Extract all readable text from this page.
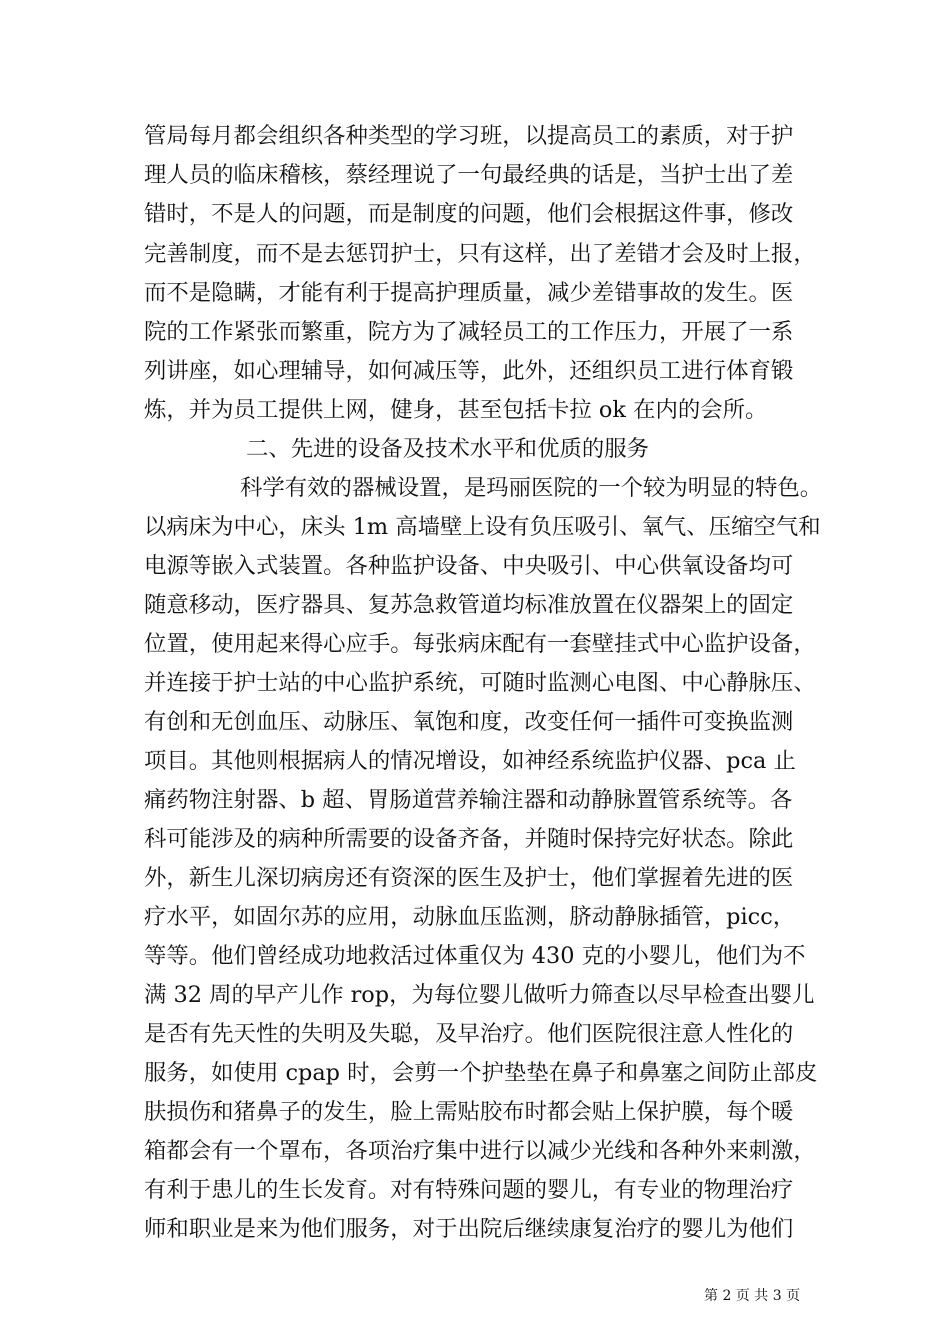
管局每月都会组织各种类型的学习班，以提高员工的素质，对于护
理人员的临床稽核，蔡经理说了一句最经典的话是，当护士出了差
错时，不是人的问题，而是制度的问题，他们会根据这件事，修改
完善制度，而不是去惩罚护士，只有这样，出了差错才会及时上报，
而不是隐瞒，才能有利于提高护理质量，减少差错事故的发生。医
院的工作紧张而繁重，院方为了减轻员工的工作压力，开展了一系
列讲座，如心理辅导，如何减压等，此外，还组织员工进行体育锻
炼，并为员工提供上网，健身，甚至包括卡拉 ok 在内的会所。
二、先进的设备及技术水平和优质的服务
科学有效的器械设置，是玛丽医院的一个较为明显的特色。
以病床为中心，床头 1m 高墙壁上设有负压吸引、氧气、压缩空气和
电源等嵌入式装置。各种监护设备、中央吸引、中心供氧设备均可
随意移动，医疗器具、复苏急救管道均标准放置在仪器架上的固定
位置，使用起来得心应手。每张病床配有一套壁挂式中心监护设备，
并连接于护士站的中心监护系统，可随时监测心电图、中心静脉压、
有创和无创血压、动脉压、氧饱和度，改变任何一插件可变换监测
项目。其他则根据病人的情况增设，如神经系统监护仪器、pca 止
痛药物注射器、b 超、胃肠道营养输注器和动静脉置管系统等。各
科可能涉及的病种所需要的设备齐备，并随时保持完好状态。除此
外，新生儿深切病房还有资深的医生及护士，他们掌握着先进的医
疗水平，如固尔苏的应用，动脉血压监测，脐动静脉插管，picc，
等等。他们曾经成功地救活过体重仅为 430 克的小婴儿，他们为不
满 32 周的早产儿作 rop，为每位婴儿做听力筛查以尽早检查出婴儿
是否有先天性的失明及失聪，及早治疗。他们医院很注意人性化的
服务，如使用 cpap 时，会剪一个护垫垫在鼻子和鼻塞之间防止部皮
肤损伤和猪鼻子的发生，脸上需贴胶布时都会贴上保护膜，每个暖
箱都会有一个罩布，各项治疗集中进行以减少光线和各种外来刺激，
有利于患儿的生长发育。对有特殊问题的婴儿，有专业的物理治疗
师和职业是来为他们服务，对于出院后继续康复治疗的婴儿为他们
第 2 页 共 3 页
